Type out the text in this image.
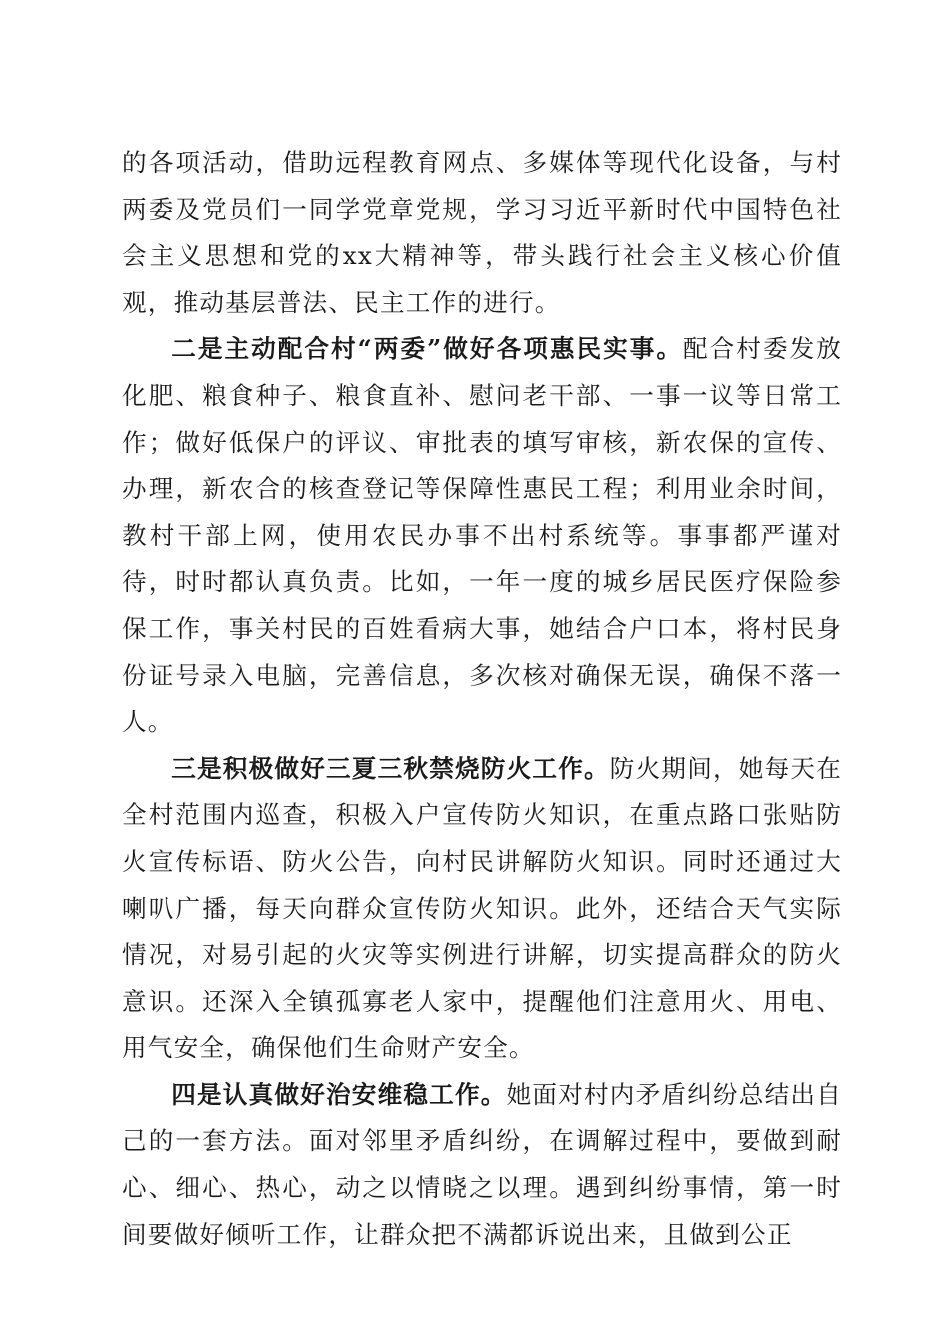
的各项活动，借助远程教育网点、多媒体等现代化设备，与村两委及党员们一同学党章党规，学习习近平新时代中国特色社会主义思想和党的xx大精神等，带头践行社会主义核心价值观，推动基层普法、民主工作的进行。

二是主动配合村“两委”做好各项惠民实事。配合村委发放化肥、粮食种子、粮食直补、慰问老干部、一事一议等日常工作；做好低保户的评议、审批表的填写审核，新农保的宣传、办理，新农合的核查登记等保障性惠民工程；利用业余时间，教村干部上网，使用农民办事不出村系统等。事事都严谨对待，时时都认真负责。比如，一年一度的城乡居民医疗保险参保工作，事关村民的百姓看病大事，她结合户口本，将村民身份证号录入电脑，完善信息，多次核对确保无误，确保不落一人。

三是积极做好三夏三秋禁烧防火工作。防火期间，她每天在全村范围内巡查，积极入户宣传防火知识，在重点路口张贴防火宣传标语、防火公告，向村民讲解防火知识。同时还通过大喇叭广播，每天向群众宣传防火知识。此外，还结合天气实际情况，对易引起的火灾等实例进行讲解，切实提高群众的防火意识。还深入全镇孤寡老人家中，提醒他们注意用火、用电、用气安全，确保他们生命财产安全。

四是认真做好治安维稳工作。她面对村内矛盾纠纷总结出自己的一套方法。面对邻里矛盾纠纷，在调解过程中，要做到耐心、细心、热心，动之以情晓之以理。遇到纠纷事情，第一时间要做好倾听工作，让群众把不满都诉说出来，且做到公正
